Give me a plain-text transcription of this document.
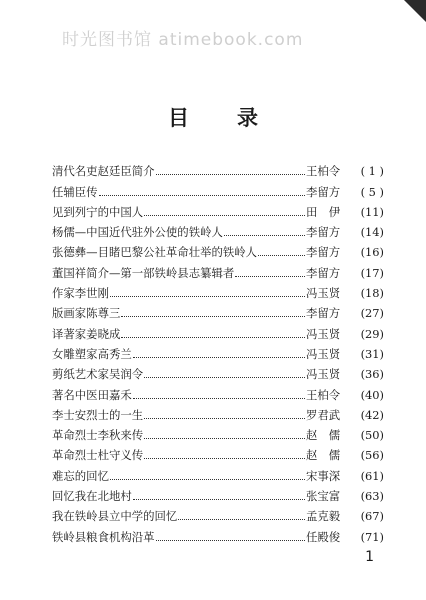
时光图书馆 atimebook.com
目 录
清代名吏赵廷臣简介	王柏令	( 1 )
任辅臣传	李留方	( 5 )
见到列宁的中国人	田　伊	(11)
杨儒—中国近代驻外公使的铁岭人	李留方	(14)
张德彝—目睹巴黎公社革命壮举的铁岭人	李留方	(16)
董国祥简介—第一部铁岭县志纂辑者	李留方	(17)
作家李世刚	冯玉贤	(18)
版画家陈尊三	李留方	(27)
译著家姜晓成	冯玉贤	(29)
女雕塑家高秀兰	冯玉贤	(31)
剪纸艺术家吴润令	冯玉贤	(36)
著名中医田嘉禾	王柏令	(40)
李士安烈士的一生	罗君武	(42)
革命烈士李秋来传	赵　儒	(50)
革命烈士杜守义传	赵　儒	(56)
难忘的回忆	宋事深	(61)
回忆我在北地村	张宝富	(63)
我在铁岭县立中学的回忆	孟克毅	(67)
铁岭县粮食机构沿革	任殿俊	(71)
1
